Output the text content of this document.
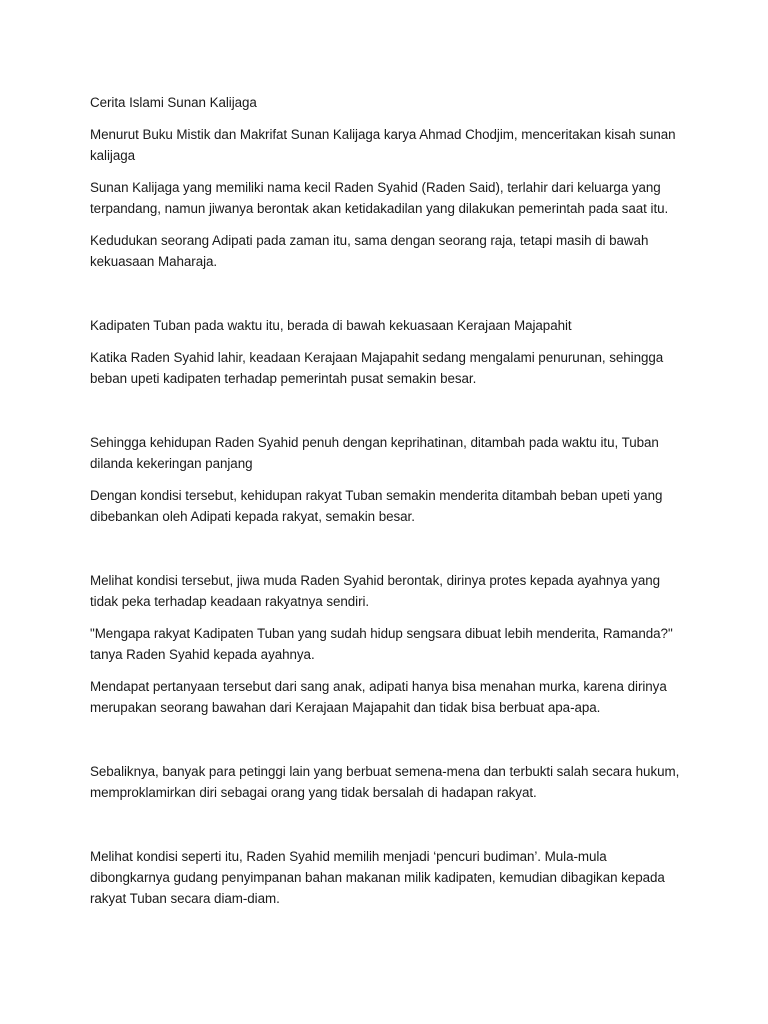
Cerita Islami Sunan Kalijaga

Menurut Buku Mistik dan Makrifat Sunan Kalijaga karya Ahmad Chodjim, menceritakan kisah sunan kalijaga

Sunan Kalijaga yang memiliki nama kecil Raden Syahid (Raden Said), terlahir dari keluarga yang terpandang, namun jiwanya berontak akan ketidakadilan yang dilakukan pemerintah pada saat itu.

Kedudukan seorang Adipati pada zaman itu, sama dengan seorang raja, tetapi masih di bawah kekuasaan Maharaja.

Kadipaten Tuban pada waktu itu, berada di bawah kekuasaan Kerajaan Majapahit

Katika Raden Syahid lahir, keadaan Kerajaan Majapahit sedang mengalami penurunan, sehingga beban upeti kadipaten terhadap pemerintah pusat semakin besar.

Sehingga kehidupan Raden Syahid penuh dengan keprihatinan, ditambah pada waktu itu, Tuban dilanda kekeringan panjang

Dengan kondisi tersebut, kehidupan rakyat Tuban semakin menderita ditambah beban upeti yang dibebankan oleh Adipati kepada rakyat, semakin besar.

Melihat kondisi tersebut, jiwa muda Raden Syahid berontak, dirinya protes kepada ayahnya yang tidak peka terhadap keadaan rakyatnya sendiri.

"Mengapa rakyat Kadipaten Tuban yang sudah hidup sengsara dibuat lebih menderita, Ramanda?" tanya Raden Syahid kepada ayahnya.

Mendapat pertanyaan tersebut dari sang anak, adipati hanya bisa menahan murka, karena dirinya merupakan seorang bawahan dari Kerajaan Majapahit dan tidak bisa berbuat apa-apa.

Sebaliknya, banyak para petinggi lain yang berbuat semena-mena dan terbukti salah secara hukum, memproklamirkan diri sebagai orang yang tidak bersalah di hadapan rakyat.

Melihat kondisi seperti itu, Raden Syahid memilih menjadi ‘pencuri budiman’. Mula-mula dibongkarnya gudang penyimpanan bahan makanan milik kadipaten, kemudian dibagikan kepada rakyat Tuban secara diam-diam.
